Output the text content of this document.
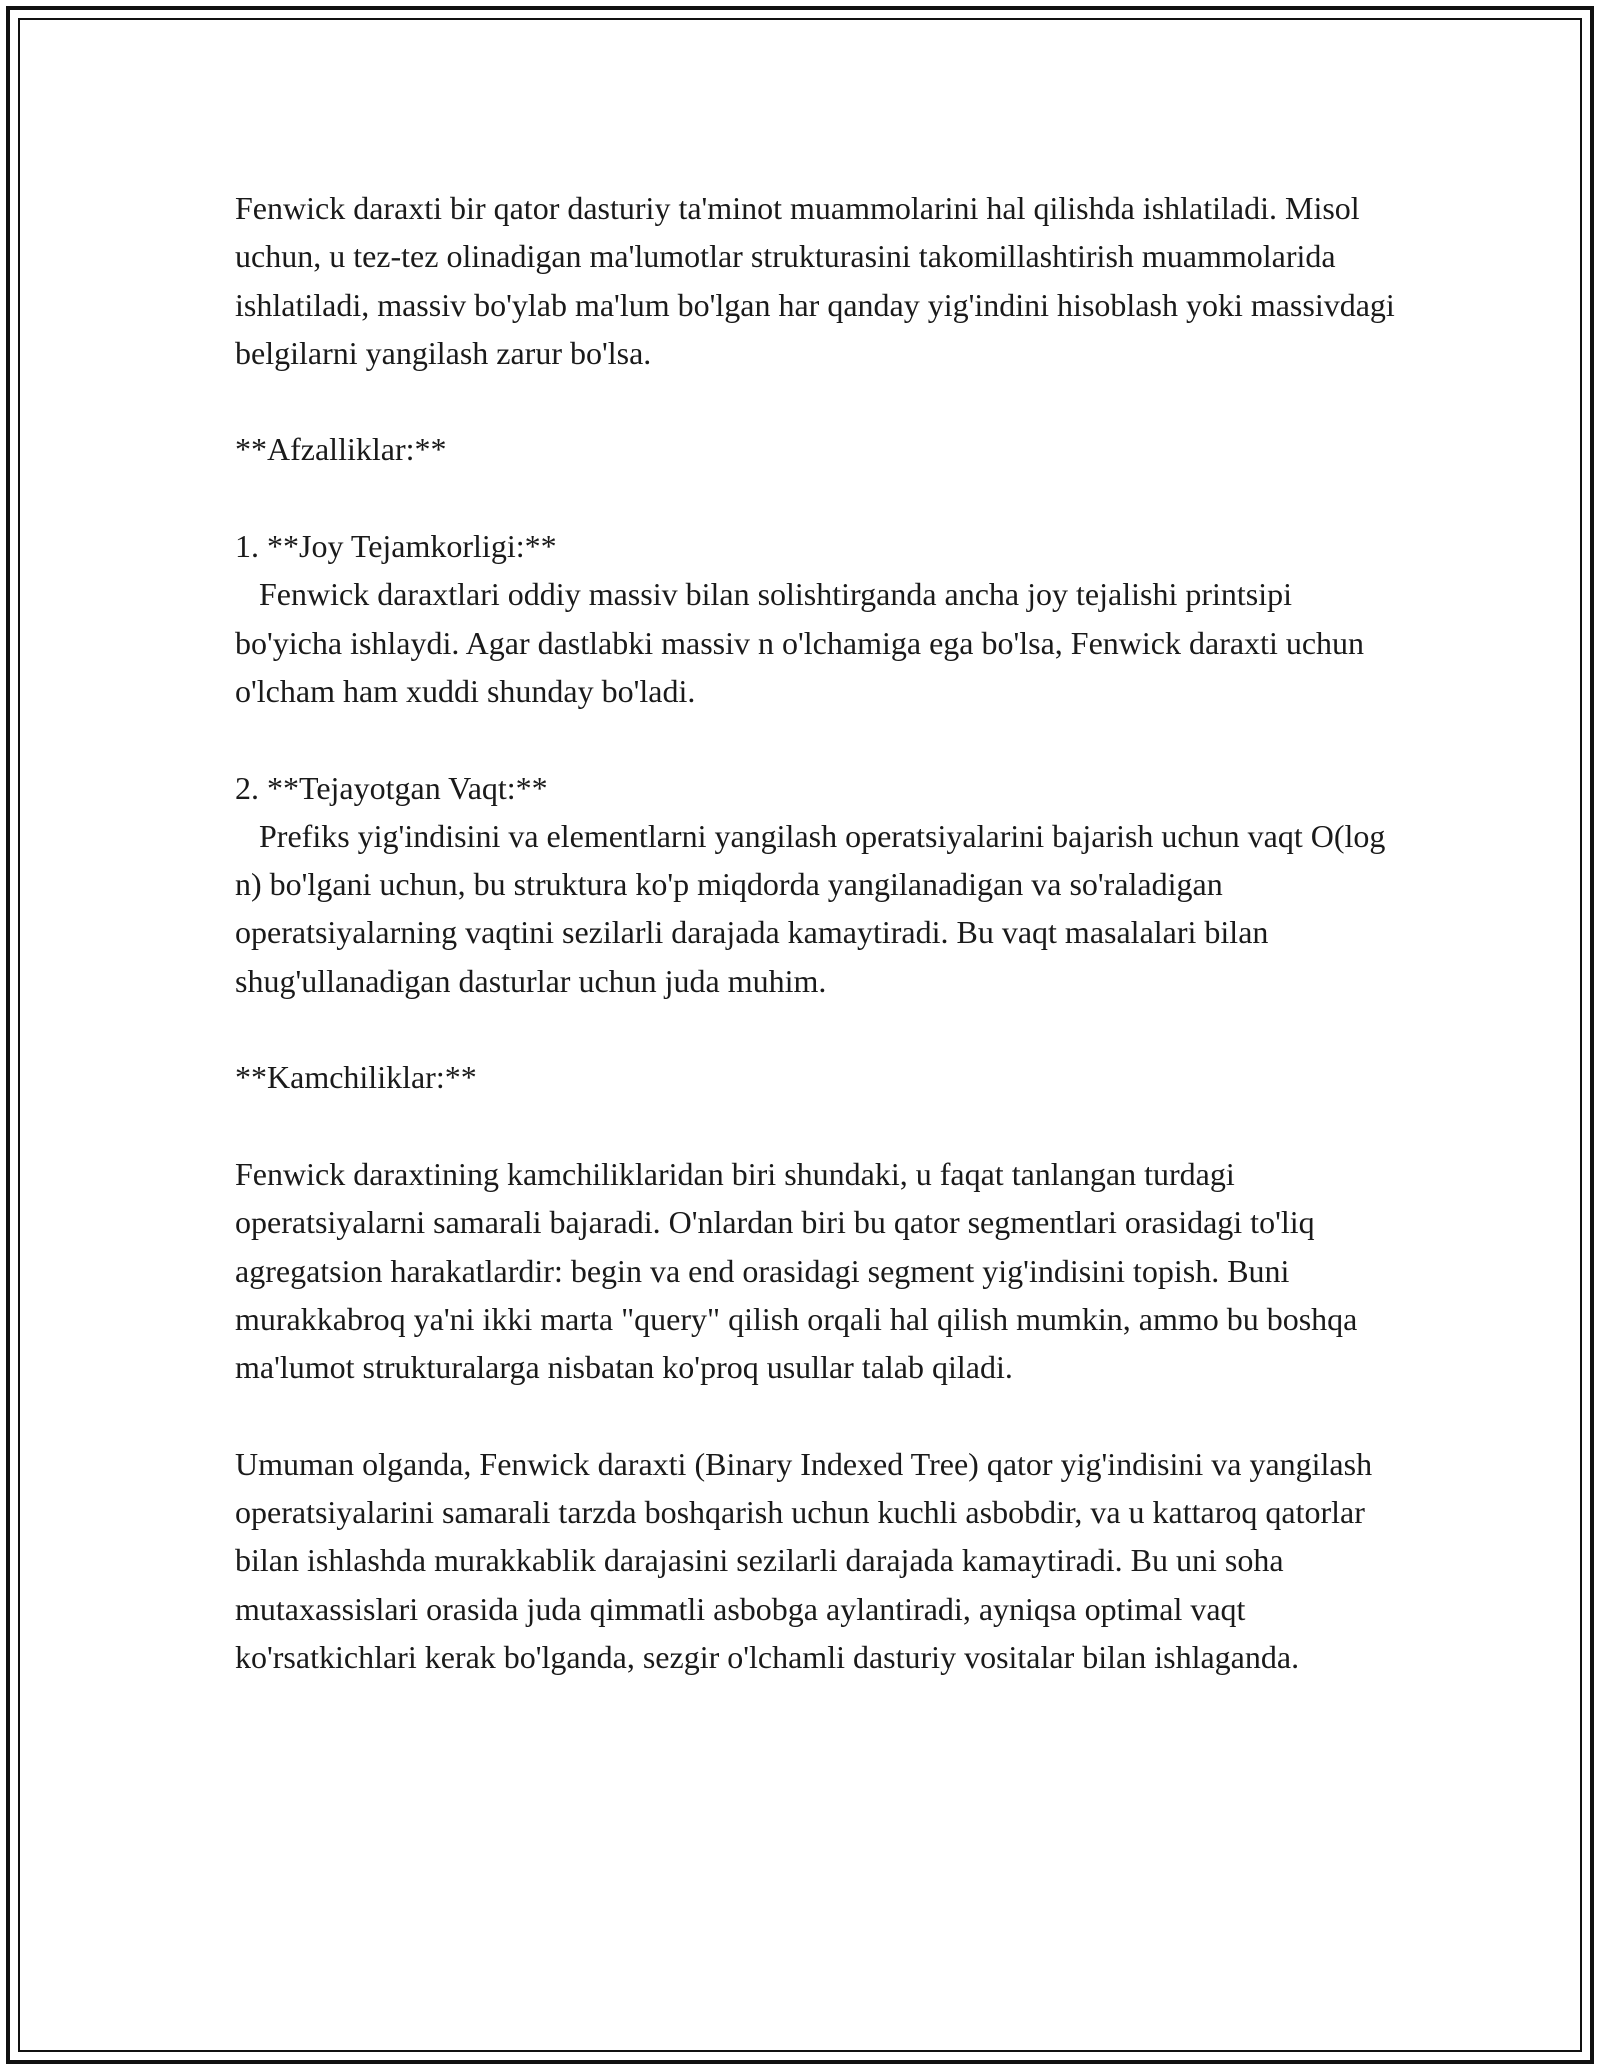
Fenwick daraxti bir qator dasturiy ta'minot muammolarini hal qilishda ishlatiladi. Misol uchun, u tez-tez olinadigan ma'lumotlar strukturasini takomillashtirish muammolarida ishlatiladi, massiv bo'ylab ma'lum bo'lgan har qanday yig'indini hisoblash yoki massivdagi belgilarni yangilash zarur bo'lsa.

**Afzalliklar:**

1. **Joy Tejamkorligi:**

Fenwick daraxtlari oddiy massiv bilan solishtirganda ancha joy tejalishi printsipi bo'yicha ishlaydi. Agar dastlabki massiv n o'lchamiga ega bo'lsa, Fenwick daraxti uchun o'lcham ham xuddi shunday bo'ladi.

2. **Tejayotgan Vaqt:**

Prefiks yig'indisini va elementlarni yangilash operatsiyalarini bajarish uchun vaqt O(log n) bo'lgani uchun, bu struktura ko'p miqdorda yangilanadigan va so'raladigan operatsiyalarning vaqtini sezilarli darajada kamaytiradi. Bu vaqt masalalari bilan shug'ullanadigan dasturlar uchun juda muhim.

**Kamchiliklar:**

Fenwick daraxtining kamchiliklaridan biri shundaki, u faqat tanlangan turdagi operatsiyalarni samarali bajaradi. O'nlardan biri bu qator segmentlari orasidagi to'liq agregatsion harakatlardir: begin va end orasidagi segment yig'indisini topish. Buni murakkabroq ya'ni ikki marta "query" qilish orqali hal qilish mumkin, ammo bu boshqa ma'lumot strukturalarga nisbatan ko'proq usullar talab qiladi.

Umuman olganda, Fenwick daraxti (Binary Indexed Tree) qator yig'indisini va yangilash operatsiyalarini samarali tarzda boshqarish uchun kuchli asbobdir, va u kattaroq qatorlar bilan ishlashda murakkablik darajasini sezilarli darajada kamaytiradi. Bu uni soha mutaxassislari orasida juda qimmatli asbobga aylantiradi, ayniqsa optimal vaqt ko'rsatkichlari kerak bo'lganda, sezgir o'lchamli dasturiy vositalar bilan ishlaganda.
